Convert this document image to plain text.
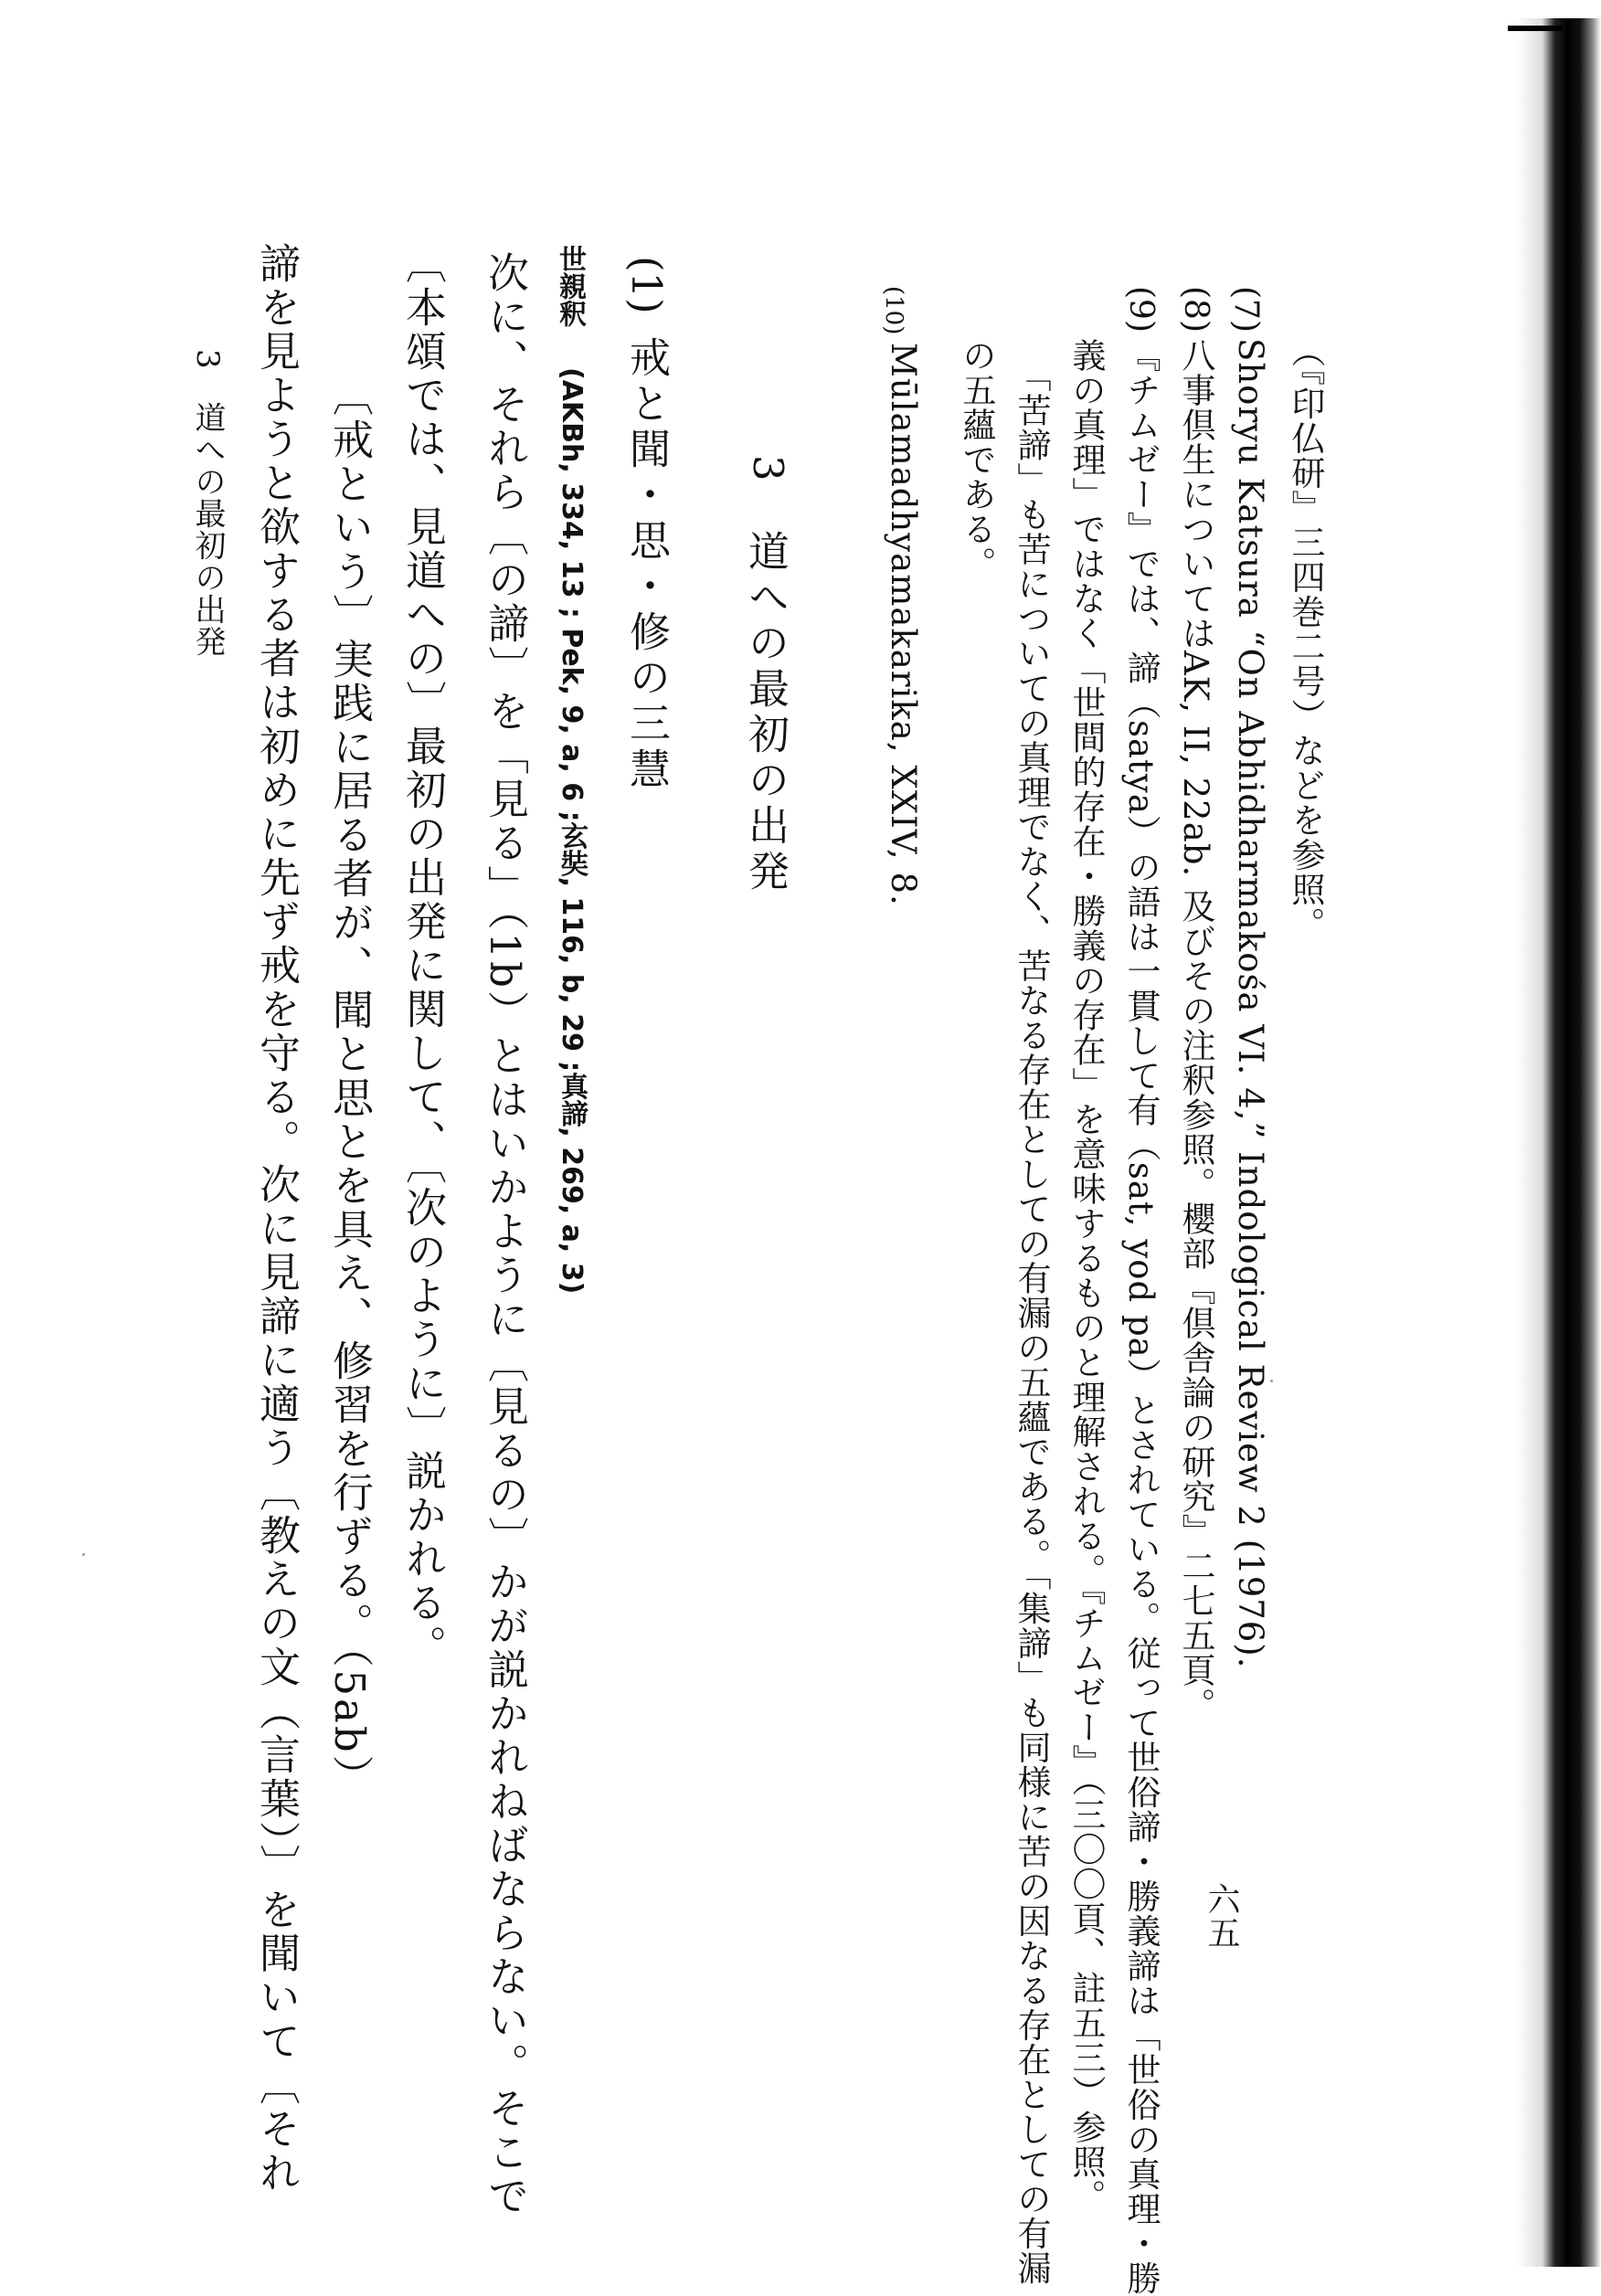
(7)
（『印仏研』三四巻二号）などを参照。
Shoryu Katsura “On Abhidharmakośa VI. 4,” Indological Review 2 (1976).
(8)
八事倶生についてはAK, II, 22ab. 及びその注釈参照。櫻部『倶舎論の研究』二七五頁。
(9)
『チムゼー』では、諦（satya）の語は一貫して有（sat, yod pa）とされている。従って世俗諦・勝義諦は「世俗の真理・勝
義の真理」ではなく「世間的存在・勝義の存在」を意味するものと理解される。『チムゼー』（三〇〇頁、註五三）参照。
「苦諦」も苦についての真理でなく、苦なる存在としての有漏の五蘊である。「集諦」も同様に苦の因なる存在としての有漏
の五蘊である。
(10)
Mūlamadhyamakarika, XXIV, 8.
3
道への最初の出発
(1)
戒と聞・思・修の三慧
世親釈
(AKBh, 334, 13 ; Pek, 9, a, 6 ;玄奘, 116, b, 29 ;真諦, 269, a, 3)
次に、それら〔の諦〕を「見る」（1b）とはいかように〔見るの〕かが説かれねばならない。そこで
〔本頌では、見道への〕最初の出発に関して、〔次のように〕説かれる。
〔戒という〕実践に居る者が、聞と思とを具え、修習を行ずる。（5ab）
諦を見ようと欲する者は初めに先ず戒を守る。次に見諦に適う〔教えの文（言葉）〕を聞いて〔それ
3　道への最初の出発
六五
